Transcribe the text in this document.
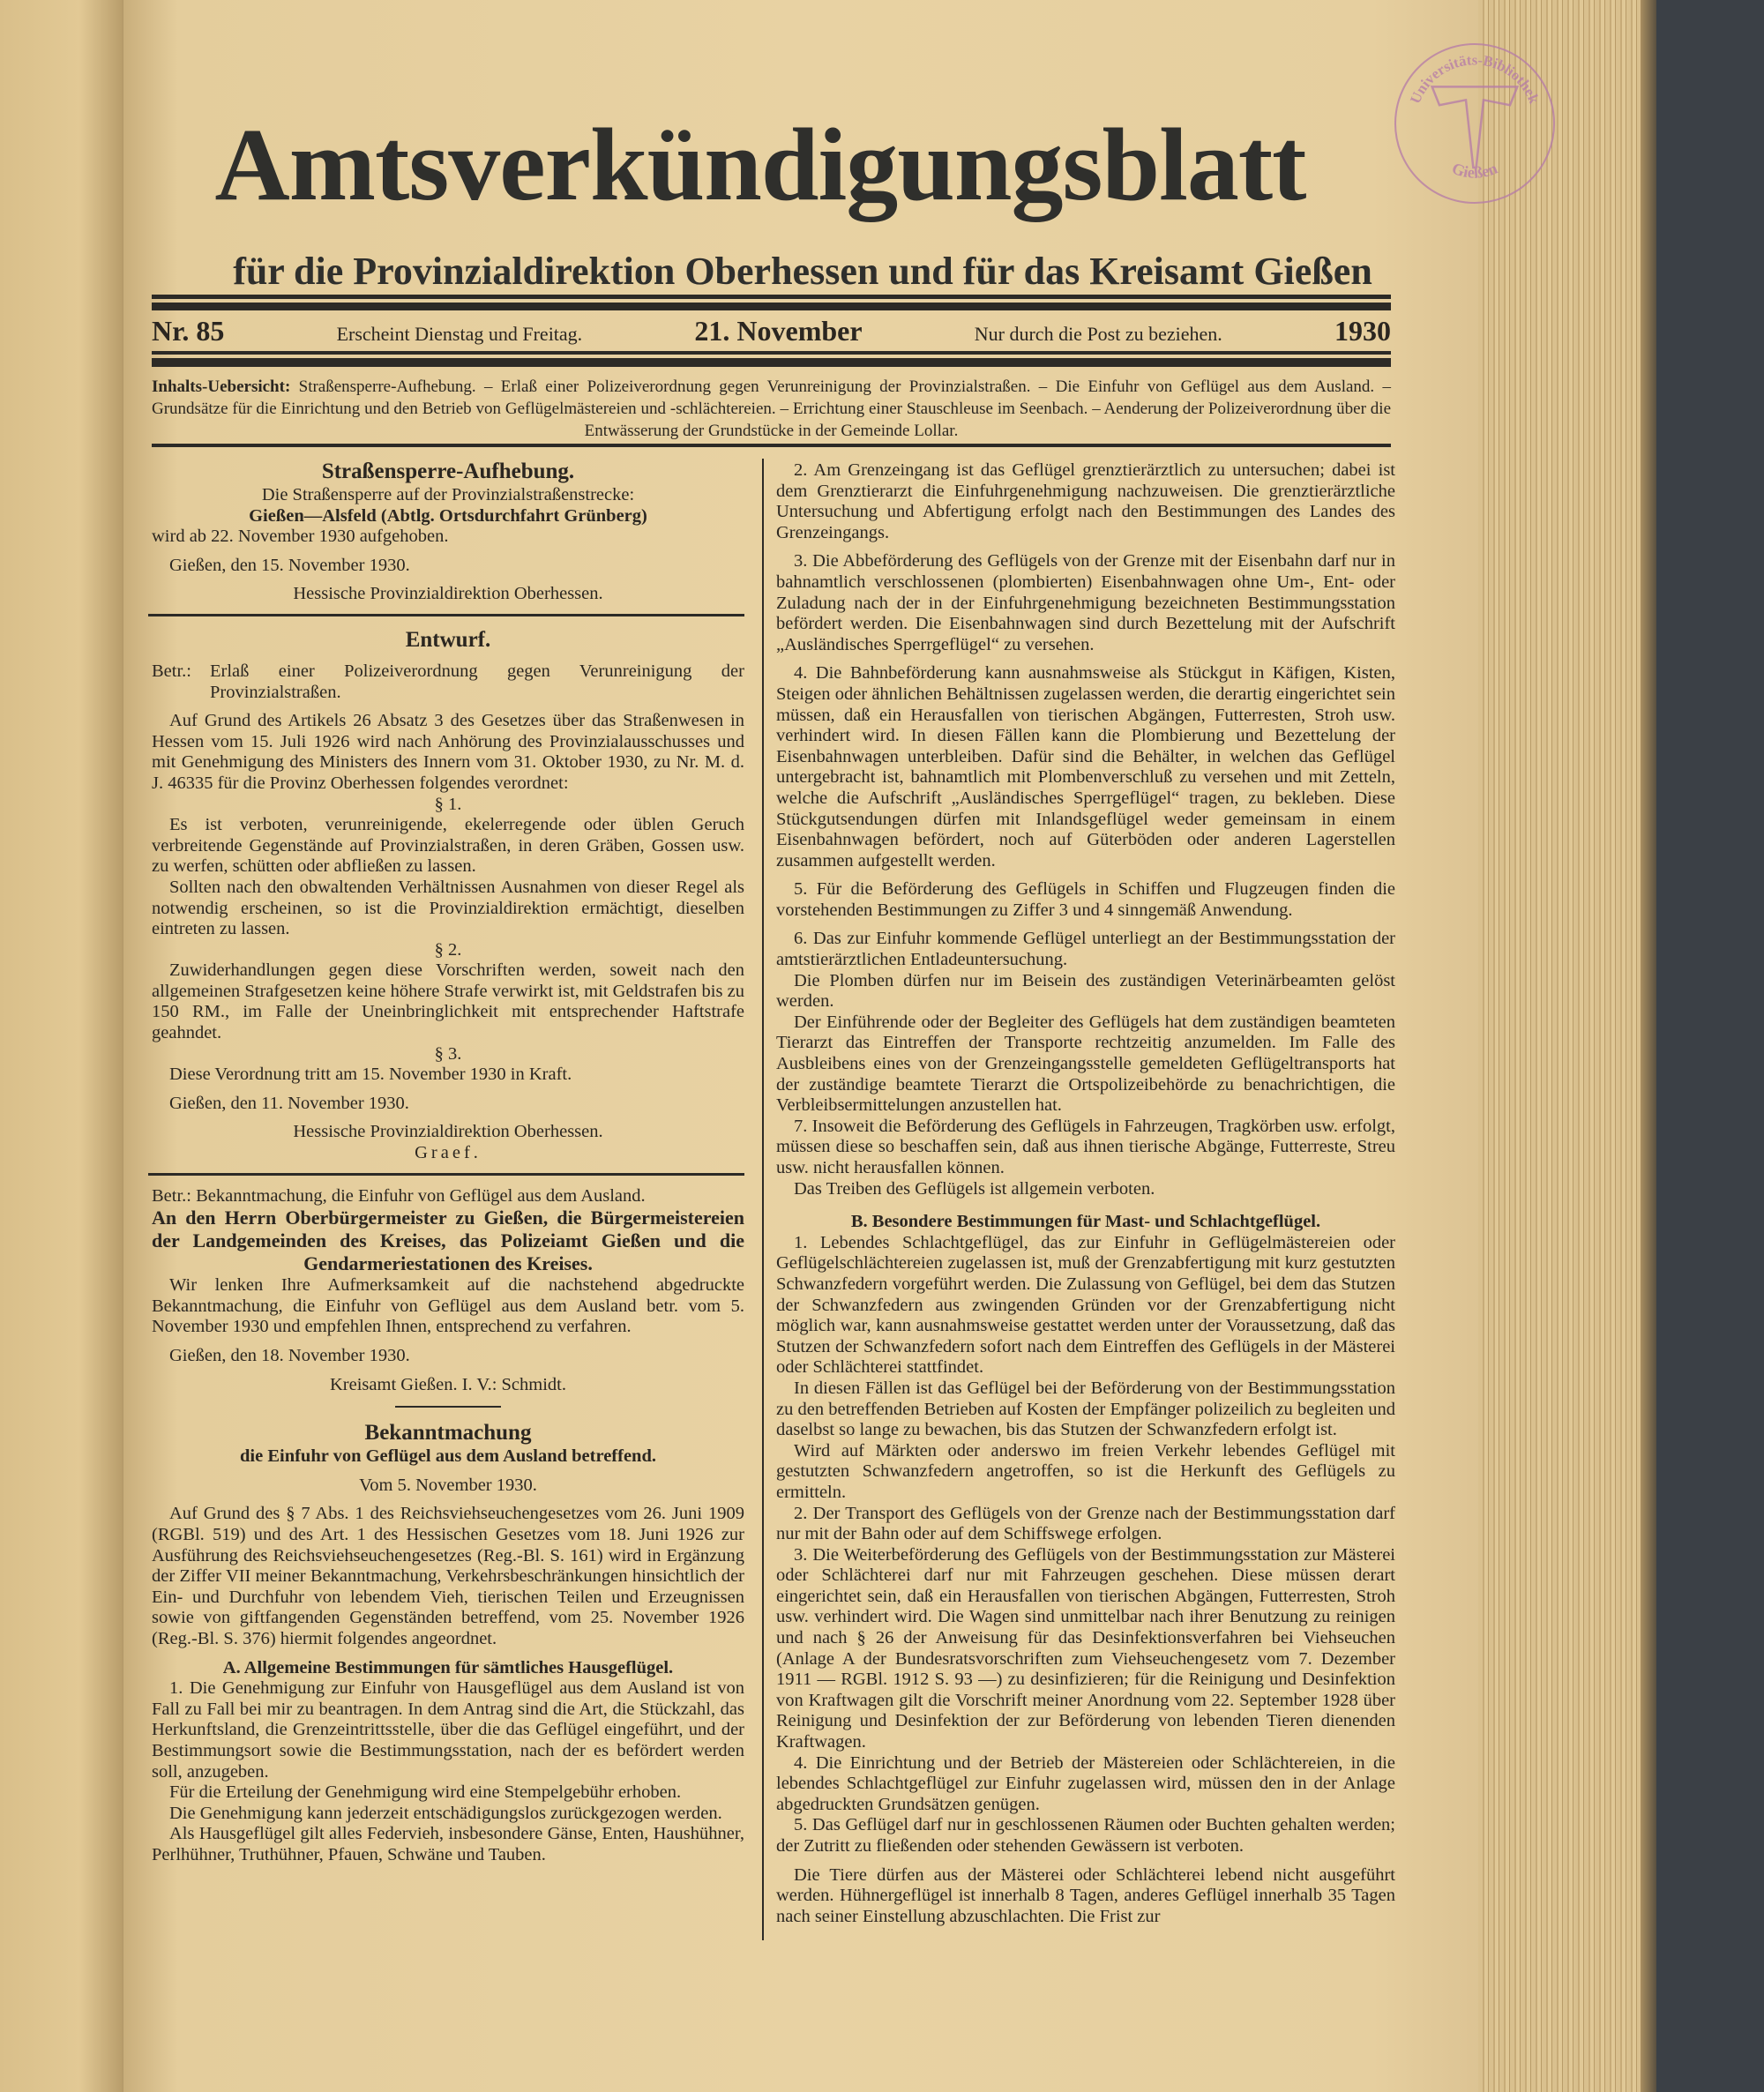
Amtsverkündigungsblatt
für die Provinzialdirektion Oberhessen und für das Kreisamt Gießen
Universitäts-Bibliothek
Gießen
Nr. 85	Erscheint Dienstag und Freitag.	21. November	Nur durch die Post zu beziehen.	1930
Inhalts-Uebersicht: Straßensperre-Aufhebung. – Erlaß einer Polizeiverordnung gegen Verunreinigung der Provinzialstraßen. – Die Einfuhr von Geflügel aus dem Ausland. – Grundsätze für die Einrichtung und den Betrieb von Geflügelmästereien und -schlächtereien. – Errichtung einer Stauschleuse im Seenbach. – Aenderung der Polizeiverordnung über die Entwässerung der Grundstücke in der Gemeinde Lollar.

Straßensperre-Aufhebung.

Die Straßensperre auf der Provinzialstraßenstrecke:

Gießen—Alsfeld (Abtlg. Ortsdurchfahrt Grünberg)

wird ab 22. November 1930 aufgehoben.

Gießen, den 15. November 1930.

Hessische Provinzialdirektion Oberhessen.

Entwurf.

Betr.: Erlaß einer Polizeiverordnung gegen Verunreinigung der Provinzialstraßen.

Auf Grund des Artikels 26 Absatz 3 des Gesetzes über das Straßenwesen in Hessen vom 15. Juli 1926 wird nach Anhörung des Provinzialausschusses und mit Genehmigung des Ministers des Innern vom 31. Oktober 1930, zu Nr. M. d. J. 46335 für die Provinz Oberhessen folgendes verordnet:

§ 1.

Es ist verboten, verunreinigende, ekelerregende oder üblen Geruch verbreitende Gegenstände auf Provinzialstraßen, in deren Gräben, Gossen usw. zu werfen, schütten oder abfließen zu lassen.

Sollten nach den obwaltenden Verhältnissen Ausnahmen von dieser Regel als notwendig erscheinen, so ist die Provinzialdirektion ermächtigt, dieselben eintreten zu lassen.

§ 2.

Zuwiderhandlungen gegen diese Vorschriften werden, soweit nach den allgemeinen Strafgesetzen keine höhere Strafe verwirkt ist, mit Geldstrafen bis zu 150 RM., im Falle der Uneinbringlichkeit mit entsprechender Haftstrafe geahndet.

§ 3.

Diese Verordnung tritt am 15. November 1930 in Kraft.

Gießen, den 11. November 1930.

Hessische Provinzialdirektion Oberhessen.

Graef.

Betr.: Bekanntmachung, die Einfuhr von Geflügel aus dem Ausland.

An den Herrn Oberbürgermeister zu Gießen, die Bürgermeistereien der Landgemeinden des Kreises, das Polizeiamt Gießen und die Gendarmeriestationen des Kreises.

Wir lenken Ihre Aufmerksamkeit auf die nachstehend abgedruckte Bekanntmachung, die Einfuhr von Geflügel aus dem Ausland betr. vom 5. November 1930 und empfehlen Ihnen, entsprechend zu verfahren.

Gießen, den 18. November 1930.

Kreisamt Gießen. I. V.: Schmidt.

Bekanntmachung

die Einfuhr von Geflügel aus dem Ausland betreffend.

Vom 5. November 1930.

Auf Grund des § 7 Abs. 1 des Reichsviehseuchengesetzes vom 26. Juni 1909 (RGBl. 519) und des Art. 1 des Hessischen Gesetzes vom 18. Juni 1926 zur Ausführung des Reichsviehseuchengesetzes (Reg.-Bl. S. 161) wird in Ergänzung der Ziffer VII meiner Bekanntmachung, Verkehrsbeschränkungen hinsichtlich der Ein- und Durchfuhr von lebendem Vieh, tierischen Teilen und Erzeugnissen sowie von giftfangenden Gegenständen betreffend, vom 25. November 1926 (Reg.-Bl. S. 376) hiermit folgendes angeordnet.

A. Allgemeine Bestimmungen für sämtliches Hausgeflügel.

1. Die Genehmigung zur Einfuhr von Hausgeflügel aus dem Ausland ist von Fall zu Fall bei mir zu beantragen. In dem Antrag sind die Art, die Stückzahl, das Herkunftsland, die Grenzeintrittsstelle, über die das Geflügel eingeführt, und der Bestimmungsort sowie die Bestimmungsstation, nach der es befördert werden soll, anzugeben.

Für die Erteilung der Genehmigung wird eine Stempelgebühr erhoben.

Die Genehmigung kann jederzeit entschädigungslos zurückgezogen werden.

Als Hausgeflügel gilt alles Federvieh, insbesondere Gänse, Enten, Haushühner, Perlhühner, Truthühner, Pfauen, Schwäne und Tauben.

2. Am Grenzeingang ist das Geflügel grenztierärztlich zu untersuchen; dabei ist dem Grenztierarzt die Einfuhrgenehmigung nachzuweisen. Die grenztierärztliche Untersuchung und Abfertigung erfolgt nach den Bestimmungen des Landes des Grenzeingangs.

3. Die Abbeförderung des Geflügels von der Grenze mit der Eisenbahn darf nur in bahnamtlich verschlossenen (plombierten) Eisenbahnwagen ohne Um-, Ent- oder Zuladung nach der in der Einfuhrgenehmigung bezeichneten Bestimmungsstation befördert werden. Die Eisenbahnwagen sind durch Bezettelung mit der Aufschrift „Ausländisches Sperrgeflügel“ zu versehen.

4. Die Bahnbeförderung kann ausnahmsweise als Stückgut in Käfigen, Kisten, Steigen oder ähnlichen Behältnissen zugelassen werden, die derartig eingerichtet sein müssen, daß ein Herausfallen von tierischen Abgängen, Futterresten, Stroh usw. verhindert wird. In diesen Fällen kann die Plombierung und Bezettelung der Eisenbahnwagen unterbleiben. Dafür sind die Behälter, in welchen das Geflügel untergebracht ist, bahnamtlich mit Plombenverschluß zu versehen und mit Zetteln, welche die Aufschrift „Ausländisches Sperrgeflügel“ tragen, zu bekleben. Diese Stückgutsendungen dürfen mit Inlandsgeflügel weder gemeinsam in einem Eisenbahnwagen befördert, noch auf Güterböden oder anderen Lagerstellen zusammen aufgestellt werden.

5. Für die Beförderung des Geflügels in Schiffen und Flugzeugen finden die vorstehenden Bestimmungen zu Ziffer 3 und 4 sinngemäß Anwendung.

6. Das zur Einfuhr kommende Geflügel unterliegt an der Bestimmungsstation der amtstierärztlichen Entladeuntersuchung.

Die Plomben dürfen nur im Beisein des zuständigen Veterinärbeamten gelöst werden.

Der Einführende oder der Begleiter des Geflügels hat dem zuständigen beamteten Tierarzt das Eintreffen der Transporte rechtzeitig anzumelden. Im Falle des Ausbleibens eines von der Grenzeingangsstelle gemeldeten Geflügeltransports hat der zuständige beamtete Tierarzt die Ortspolizeibehörde zu benachrichtigen, die Verbleibsermittelungen anzustellen hat.

7. Insoweit die Beförderung des Geflügels in Fahrzeugen, Tragkörben usw. erfolgt, müssen diese so beschaffen sein, daß aus ihnen tierische Abgänge, Futterreste, Streu usw. nicht herausfallen können.

Das Treiben des Geflügels ist allgemein verboten.

B. Besondere Bestimmungen für Mast- und Schlachtgeflügel.

1. Lebendes Schlachtgeflügel, das zur Einfuhr in Geflügelmästereien oder Geflügelschlächtereien zugelassen ist, muß der Grenzabfertigung mit kurz gestutzten Schwanzfedern vorgeführt werden. Die Zulassung von Geflügel, bei dem das Stutzen der Schwanzfedern aus zwingenden Gründen vor der Grenzabfertigung nicht möglich war, kann ausnahmsweise gestattet werden unter der Voraussetzung, daß das Stutzen der Schwanzfedern sofort nach dem Eintreffen des Geflügels in der Mästerei oder Schlächterei stattfindet.

In diesen Fällen ist das Geflügel bei der Beförderung von der Bestimmungsstation zu den betreffenden Betrieben auf Kosten der Empfänger polizeilich zu begleiten und daselbst so lange zu bewachen, bis das Stutzen der Schwanzfedern erfolgt ist.

Wird auf Märkten oder anderswo im freien Verkehr lebendes Geflügel mit gestutzten Schwanzfedern angetroffen, so ist die Herkunft des Geflügels zu ermitteln.

2. Der Transport des Geflügels von der Grenze nach der Bestimmungsstation darf nur mit der Bahn oder auf dem Schiffswege erfolgen.

3. Die Weiterbeförderung des Geflügels von der Bestimmungsstation zur Mästerei oder Schlächterei darf nur mit Fahrzeugen geschehen. Diese müssen derart eingerichtet sein, daß ein Herausfallen von tierischen Abgängen, Futterresten, Stroh usw. verhindert wird. Die Wagen sind unmittelbar nach ihrer Benutzung zu reinigen und nach § 26 der Anweisung für das Desinfektionsverfahren bei Viehseuchen (Anlage A der Bundesratsvorschriften zum Viehseuchengesetz vom 7. Dezember 1911 — RGBl. 1912 S. 93 —) zu desinfizieren; für die Reinigung und Desinfektion von Kraftwagen gilt die Vorschrift meiner Anordnung vom 22. September 1928 über Reinigung und Desinfektion der zur Beförderung von lebenden Tieren dienenden Kraftwagen.

4. Die Einrichtung und der Betrieb der Mästereien oder Schlächtereien, in die lebendes Schlachtgeflügel zur Einfuhr zugelassen wird, müssen den in der Anlage abgedruckten Grundsätzen genügen.

5. Das Geflügel darf nur in geschlossenen Räumen oder Buchten gehalten werden; der Zutritt zu fließenden oder stehenden Gewässern ist verboten.

Die Tiere dürfen aus der Mästerei oder Schlächterei lebend nicht ausgeführt werden. Hühnergeflügel ist innerhalb 8 Tagen, anderes Geflügel innerhalb 35 Tagen nach seiner Einstellung abzuschlachten. Die Frist zur
